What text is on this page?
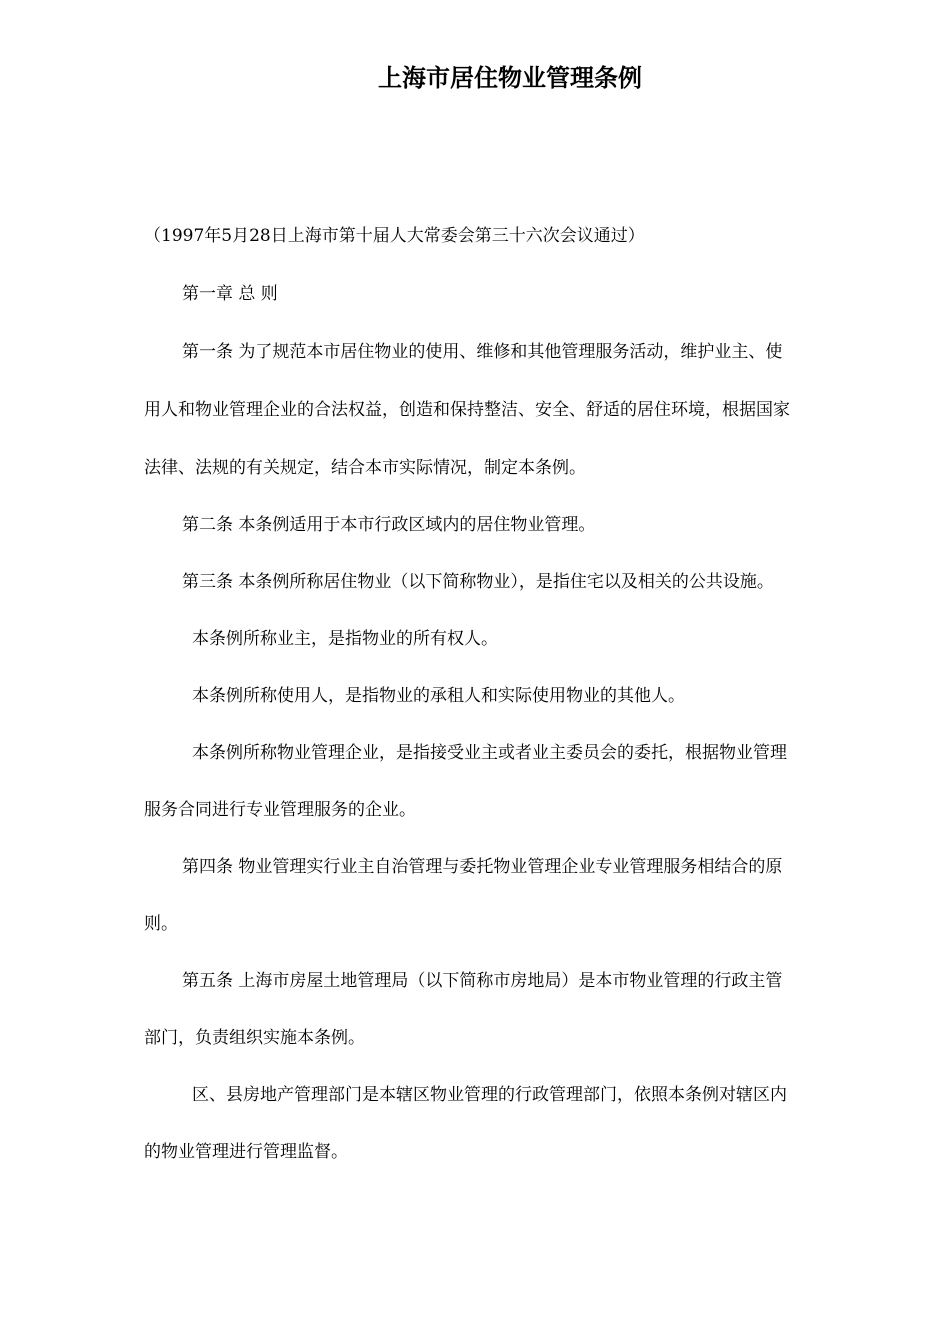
上海市居住物业管理条例
（1997年5月28日上海市第十届人大常委会第三十六次会议通过）
第一章 总 则
第一条 为了规范本市居住物业的使用、维修和其他管理服务活动，维护业主、使
用人和物业管理企业的合法权益，创造和保持整洁、安全、舒适的居住环境，根据国家
法律、法规的有关规定，结合本市实际情况，制定本条例。
第二条 本条例适用于本市行政区域内的居住物业管理。
第三条 本条例所称居住物业（以下简称物业），是指住宅以及相关的公共设施。
本条例所称业主，是指物业的所有权人。
本条例所称使用人，是指物业的承租人和实际使用物业的其他人。
本条例所称物业管理企业，是指接受业主或者业主委员会的委托，根据物业管理
服务合同进行专业管理服务的企业。
第四条 物业管理实行业主自治管理与委托物业管理企业专业管理服务相结合的原
则。
第五条 上海市房屋土地管理局（以下简称市房地局）是本市物业管理的行政主管
部门，负责组织实施本条例。
区、县房地产管理部门是本辖区物业管理的行政管理部门，依照本条例对辖区内
的物业管理进行管理监督。
